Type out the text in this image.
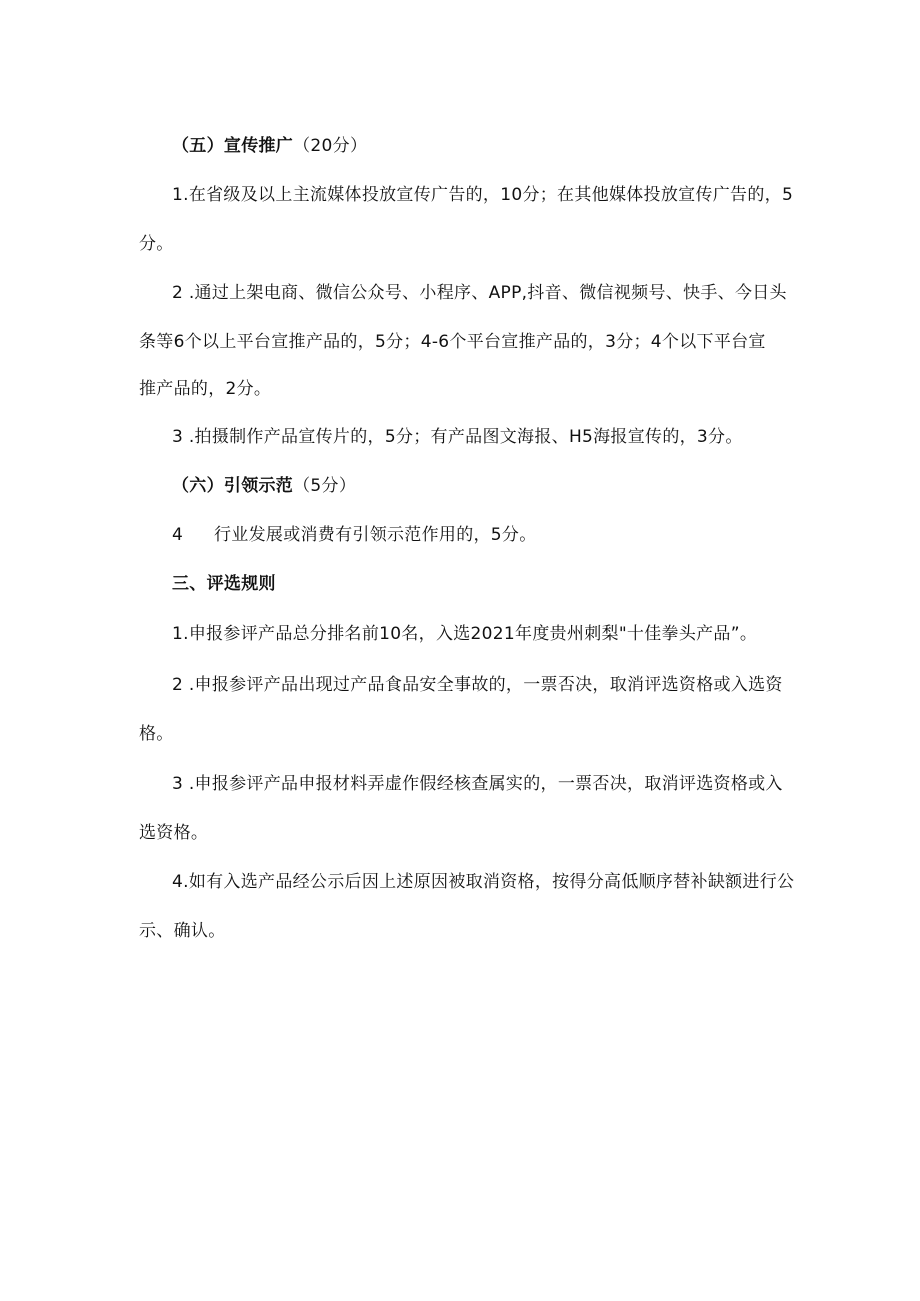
（五）宣传推广（20分）
1.在省级及以上主流媒体投放宣传广告的，10分；在其他媒体投放宣传广告的，5
分。
2 .通过上架电商、微信公众号、小程序、APP,抖音、微信视频号、快手、今日头
条等6个以上平台宣推产品的，5分；4-6个平台宣推产品的，3分；4个以下平台宣
推产品的，2分。
3 .拍摄制作产品宣传片的，5分；有产品图文海报、H5海报宣传的，3分。
（六）引领示范（5分）
4 行业发展或消费有引领示范作用的，5分。
三、评选规则
1.申报参评产品总分排名前10名，入选2021年度贵州刺梨"十佳拳头产品”。
2 .申报参评产品出现过产品食品安全事故的，一票否决，取消评选资格或入选资
格。
3 .申报参评产品申报材料弄虚作假经核查属实的，一票否决，取消评选资格或入
选资格。
4.如有入选产品经公示后因上述原因被取消资格，按得分高低顺序替补缺额进行公
示、确认。
